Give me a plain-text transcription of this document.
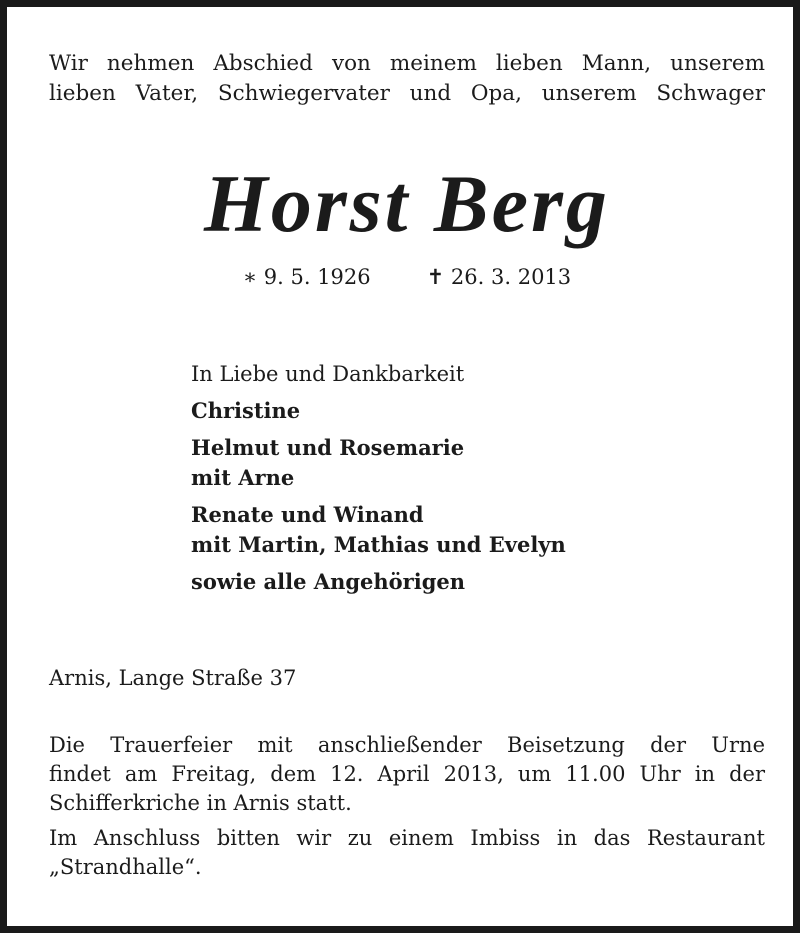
Wir nehmen Abschied von meinem lieben Mann, unserem
lieben Vater, Schwiegervater und Opa, unserem Schwager
Horst Berg
∗ 9. 5. 1926	✝ 26. 3. 2013
In Liebe und Dankbarkeit
Christine
Helmut und Rosemarie
mit Arne
Renate und Winand
mit Martin, Mathias und Evelyn
sowie alle Angehörigen
Arnis, Lange Straße 37

Die Trauerfeier mit anschließender Beisetzung der Urne
findet am Freitag, dem 12. April 2013, um 11.00 Uhr in der
Schifferkriche in Arnis statt.

Im Anschluss bitten wir zu einem Imbiss in das Restaurant
„Strandhalle“.
